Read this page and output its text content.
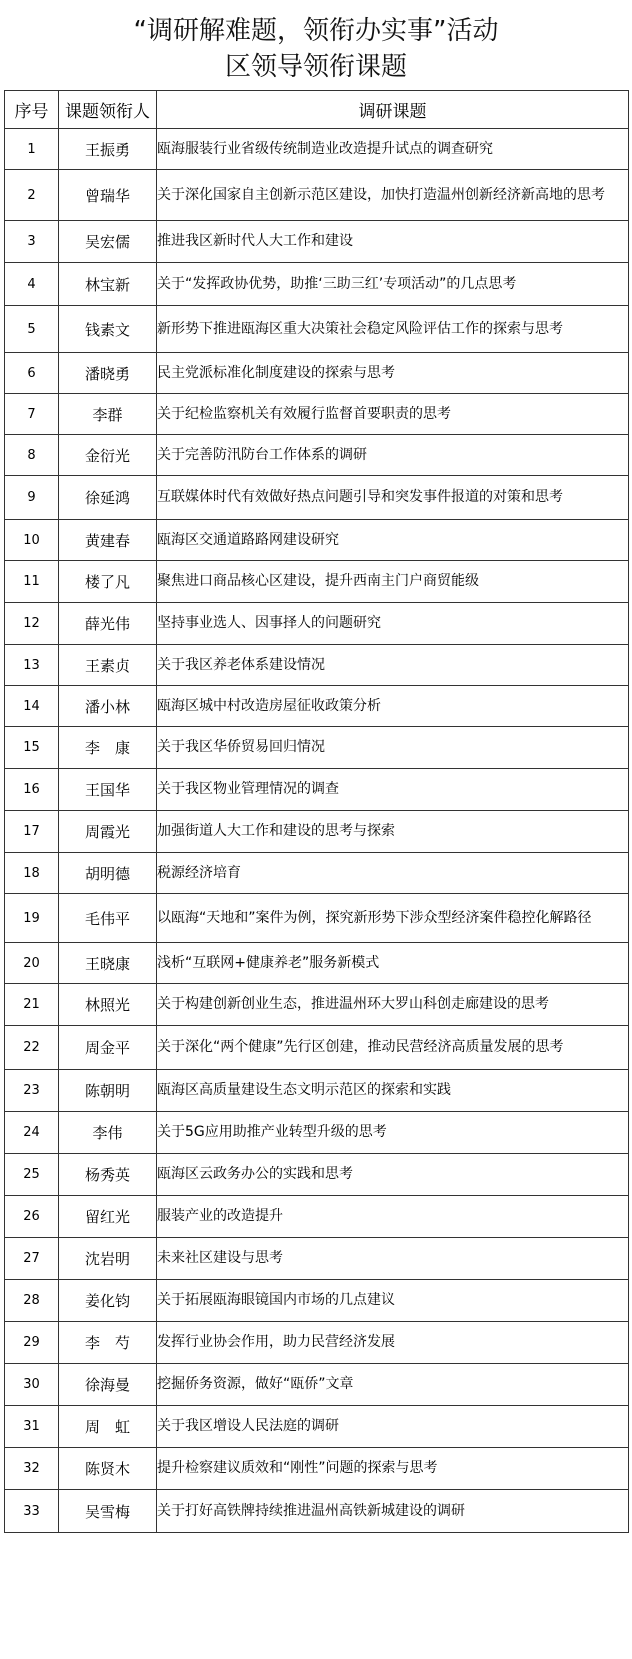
“调研解难题，领衔办实事”活动
区领导领衔课题
序号	课题领衔人	调研课题
1	王振勇	瓯海服装行业省级传统制造业改造提升试点的调查研究
2	曾瑞华	关于深化国家自主创新示范区建设，加快打造温州创新经济新高地的思考
3	吴宏儒	推进我区新时代人大工作和建设
4	林宝新	关于“发挥政协优势，助推‘三助三红’专项活动”的几点思考
5	钱素文	新形势下推进瓯海区重大决策社会稳定风险评估工作的探索与思考
6	潘晓勇	民主党派标准化制度建设的探索与思考
7	李群	关于纪检监察机关有效履行监督首要职责的思考
8	金衍光	关于完善防汛防台工作体系的调研
9	徐延鸿	互联媒体时代有效做好热点问题引导和突发事件报道的对策和思考
10	黄建春	瓯海区交通道路路网建设研究
11	楼了凡	聚焦进口商品核心区建设，提升西南主门户商贸能级
12	薛光伟	坚持事业选人、因事择人的问题研究
13	王素贞	关于我区养老体系建设情况
14	潘小林	瓯海区城中村改造房屋征收政策分析
15	李　康	关于我区华侨贸易回归情况
16	王国华	关于我区物业管理情况的调查
17	周霞光	加强街道人大工作和建设的思考与探索
18	胡明德	税源经济培育
19	毛伟平	以瓯海“天地和”案件为例，探究新形势下涉众型经济案件稳控化解路径
20	王晓康	浅析“互联网+健康养老”服务新模式
21	林照光	关于构建创新创业生态，推进温州环大罗山科创走廊建设的思考
22	周金平	关于深化“两个健康”先行区创建，推动民营经济高质量发展的思考
23	陈朝明	瓯海区高质量建设生态文明示范区的探索和实践
24	李伟	关于5G应用助推产业转型升级的思考
25	杨秀英	瓯海区云政务办公的实践和思考
26	留红光	服装产业的改造提升
27	沈岩明	未来社区建设与思考
28	姜化钧	关于拓展瓯海眼镜国内市场的几点建议
29	李　芍	发挥行业协会作用，助力民营经济发展
30	徐海曼	挖掘侨务资源，做好“瓯侨”文章
31	周　虹	关于我区增设人民法庭的调研
32	陈贤木	提升检察建议质效和“刚性”问题的探索与思考
33	吴雪梅	关于打好高铁牌持续推进温州高铁新城建设的调研
